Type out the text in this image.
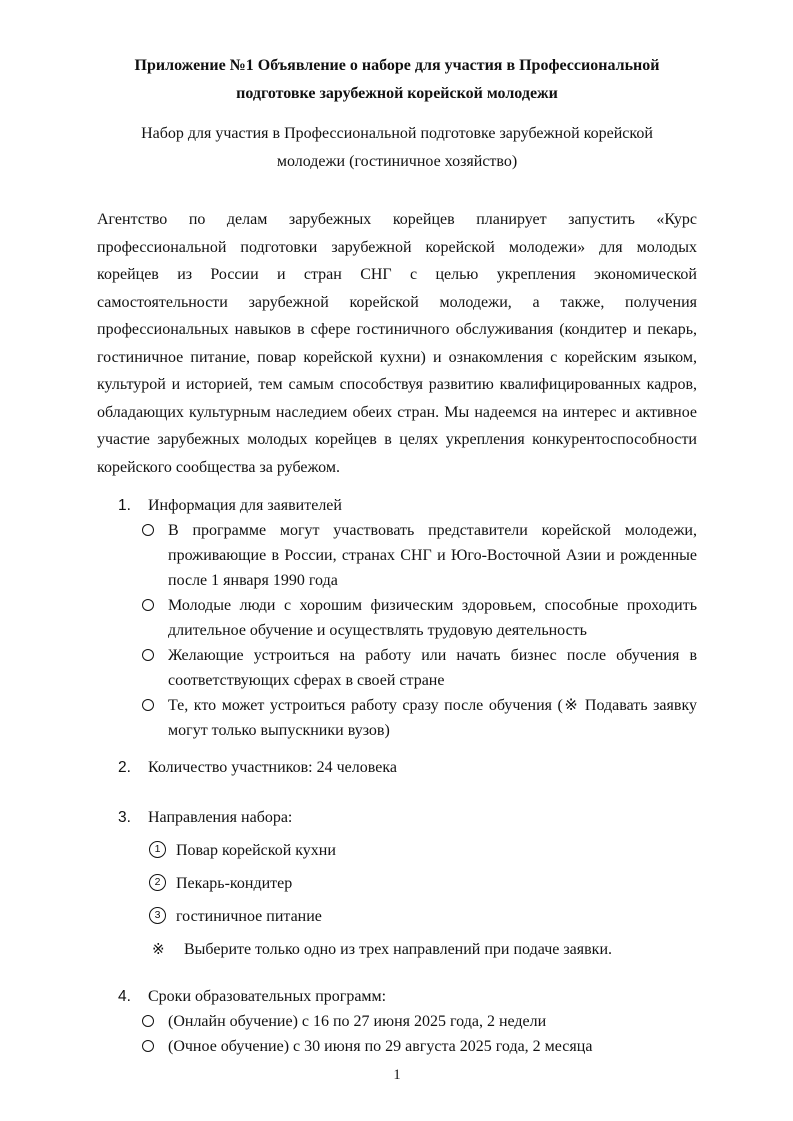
Приложение №1 Объявление о наборе для участия в Профессиональной подготовке зарубежной корейской молодежи
Набор для участия в Профессиональной подготовке зарубежной корейской молодежи (гостиничное хозяйство)
Агентство по делам зарубежных корейцев планирует запустить «Курс профессиональной подготовки зарубежной корейской молодежи» для молодых корейцев из России и стран СНГ с целью укрепления экономической самостоятельности зарубежной корейской молодежи, а также, получения профессиональных навыков в сфере гостиничного обслуживания (кондитер и пекарь, гостиничное питание, повар корейской кухни) и ознакомления с корейским языком, культурой и историей, тем самым способствуя развитию квалифицированных кадров, обладающих культурным наследием обеих стран. Мы надеемся на интерес и активное участие зарубежных молодых корейцев в целях укрепления конкурентоспособности корейского сообщества за рубежом.
1. Информация для заявителей
В программе могут участвовать представители корейской молодежи, проживающие в России, странах СНГ и Юго-Восточной Азии и рожденные после 1 января 1990 года
Молодые люди с хорошим физическим здоровьем, способные проходить длительное обучение и осуществлять трудовую деятельность
Желающие устроиться на работу или начать бизнес после обучения в соответствующих сферах в своей стране
Те, кто может устроиться работу сразу после обучения (※ Подавать заявку могут только выпускники вузов)
2. Количество участников: 24 человека
3. Направления набора:
1 Повар корейской кухни
2 Пекарь-кондитер
3 гостиничное питание
※ Выберите только одно из трех направлений при подаче заявки.
4. Сроки образовательных программ:
(Онлайн обучение) с 16 по 27 июня 2025 года, 2 недели
(Очное обучение) с 30 июня по 29 августа 2025 года, 2 месяца
1
